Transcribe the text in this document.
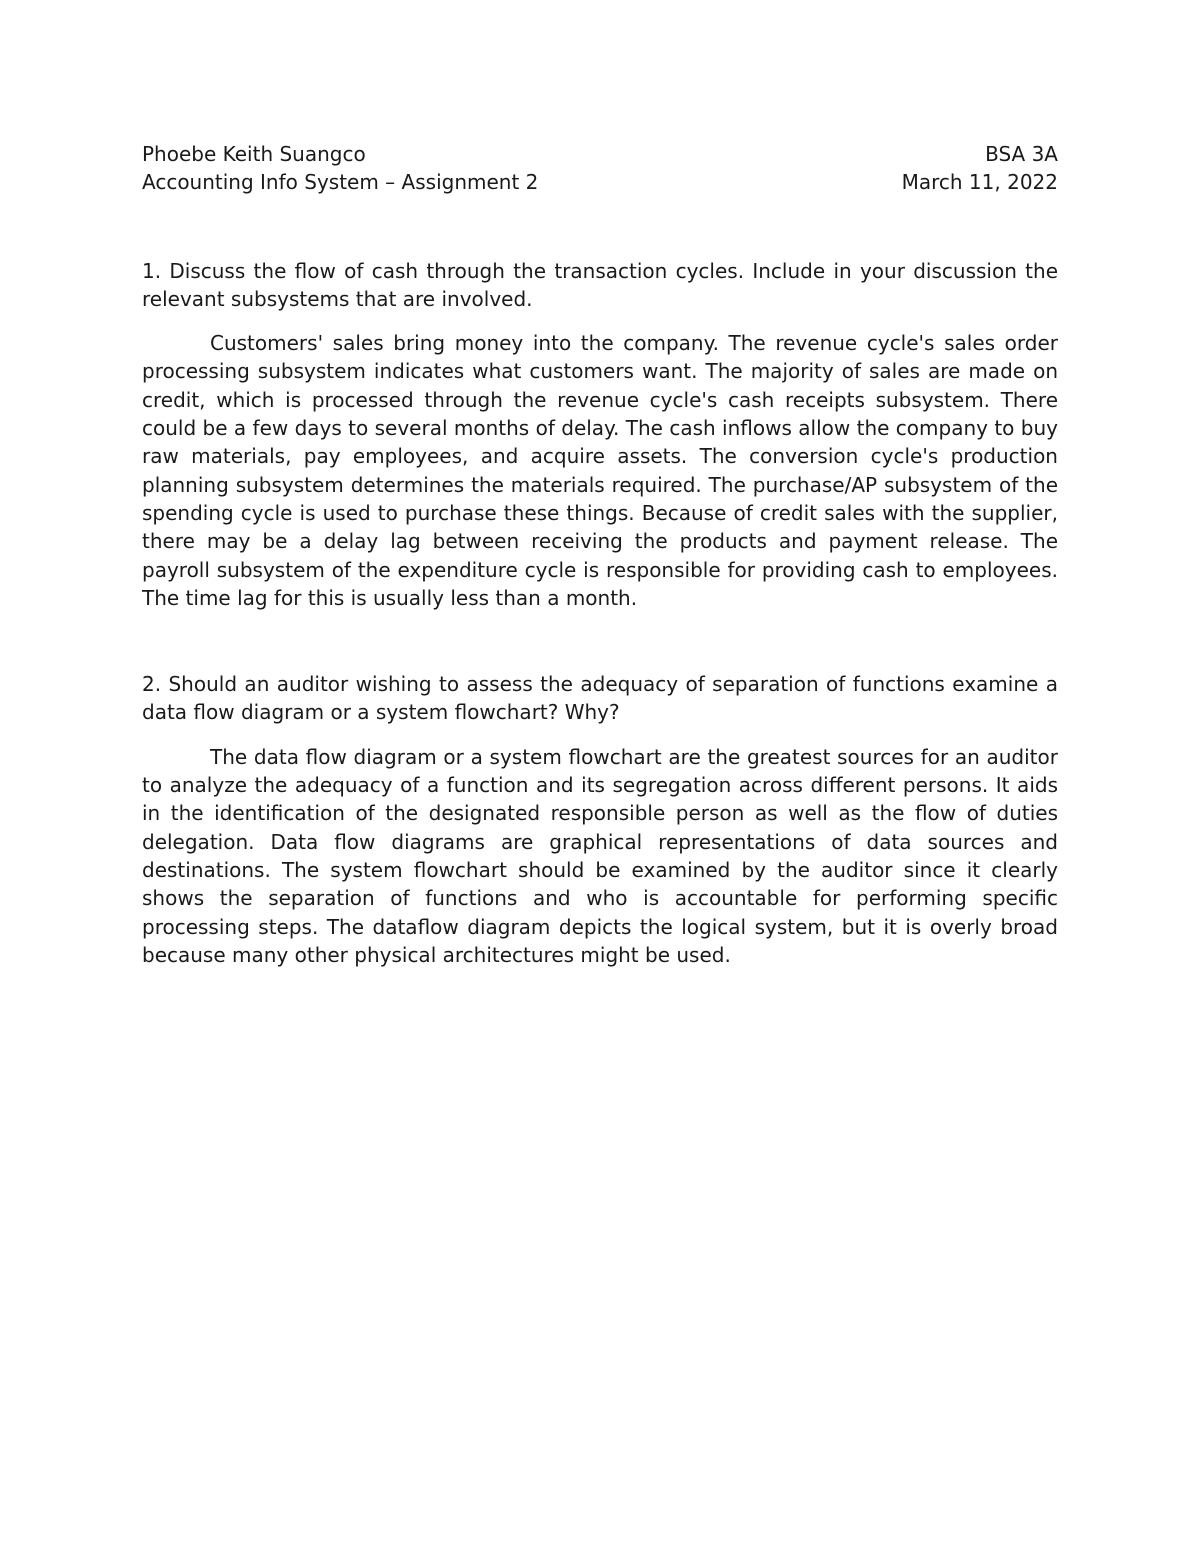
Phoebe Keith Suangco	BSA 3A
Accounting Info System – Assignment 2	March 11, 2022

1. Discuss the flow of cash through the transaction cycles. Include in your discussion the relevant subsystems that are involved.

Customers' sales bring money into the company. The revenue cycle's sales order processing subsystem indicates what customers want. The majority of sales are made on credit, which is processed through the revenue cycle's cash receipts subsystem. There could be a few days to several months of delay. The cash inflows allow the company to buy raw materials, pay employees, and acquire assets. The conversion cycle's production planning subsystem determines the materials required. The purchase/AP subsystem of the spending cycle is used to purchase these things. Because of credit sales with the supplier, there may be a delay lag between receiving the products and payment release. The payroll subsystem of the expenditure cycle is responsible for providing cash to employees. The time lag for this is usually less than a month.

2. Should an auditor wishing to assess the adequacy of separation of functions examine a data flow diagram or a system flowchart? Why?

The data flow diagram or a system flowchart are the greatest sources for an auditor to analyze the adequacy of a function and its segregation across different persons. It aids in the identification of the designated responsible person as well as the flow of duties delegation. Data flow diagrams are graphical representations of data sources and destinations. The system flowchart should be examined by the auditor since it clearly shows the separation of functions and who is accountable for performing specific processing steps. The dataflow diagram depicts the logical system, but it is overly broad because many other physical architectures might be used.
